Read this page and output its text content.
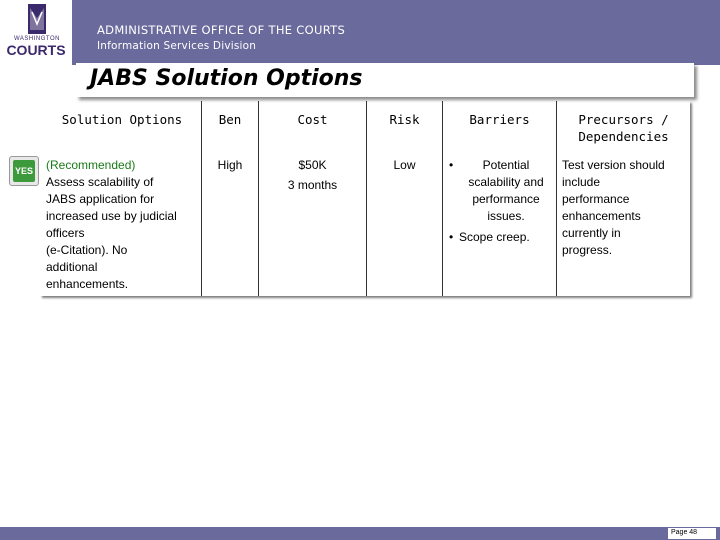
WASHINGTON
COURTS
ADMINISTRATIVE OFFICE OF THE COURTS
Information Services Division
JABS Solution Options
YES
Solution Options	Ben	Cost	Risk	Barriers	Precursors /
Dependencies
(Recommended)
Assess scalability of
JABS application for
increased use by judicial
officers
(e-Citation). No
additional
enhancements.
High	$50K
3 months
Low
•	Potential scalability and performance issues.
• Scope creep.
Test version should
include
performance
enhancements
currently in
progress.
Page 48
